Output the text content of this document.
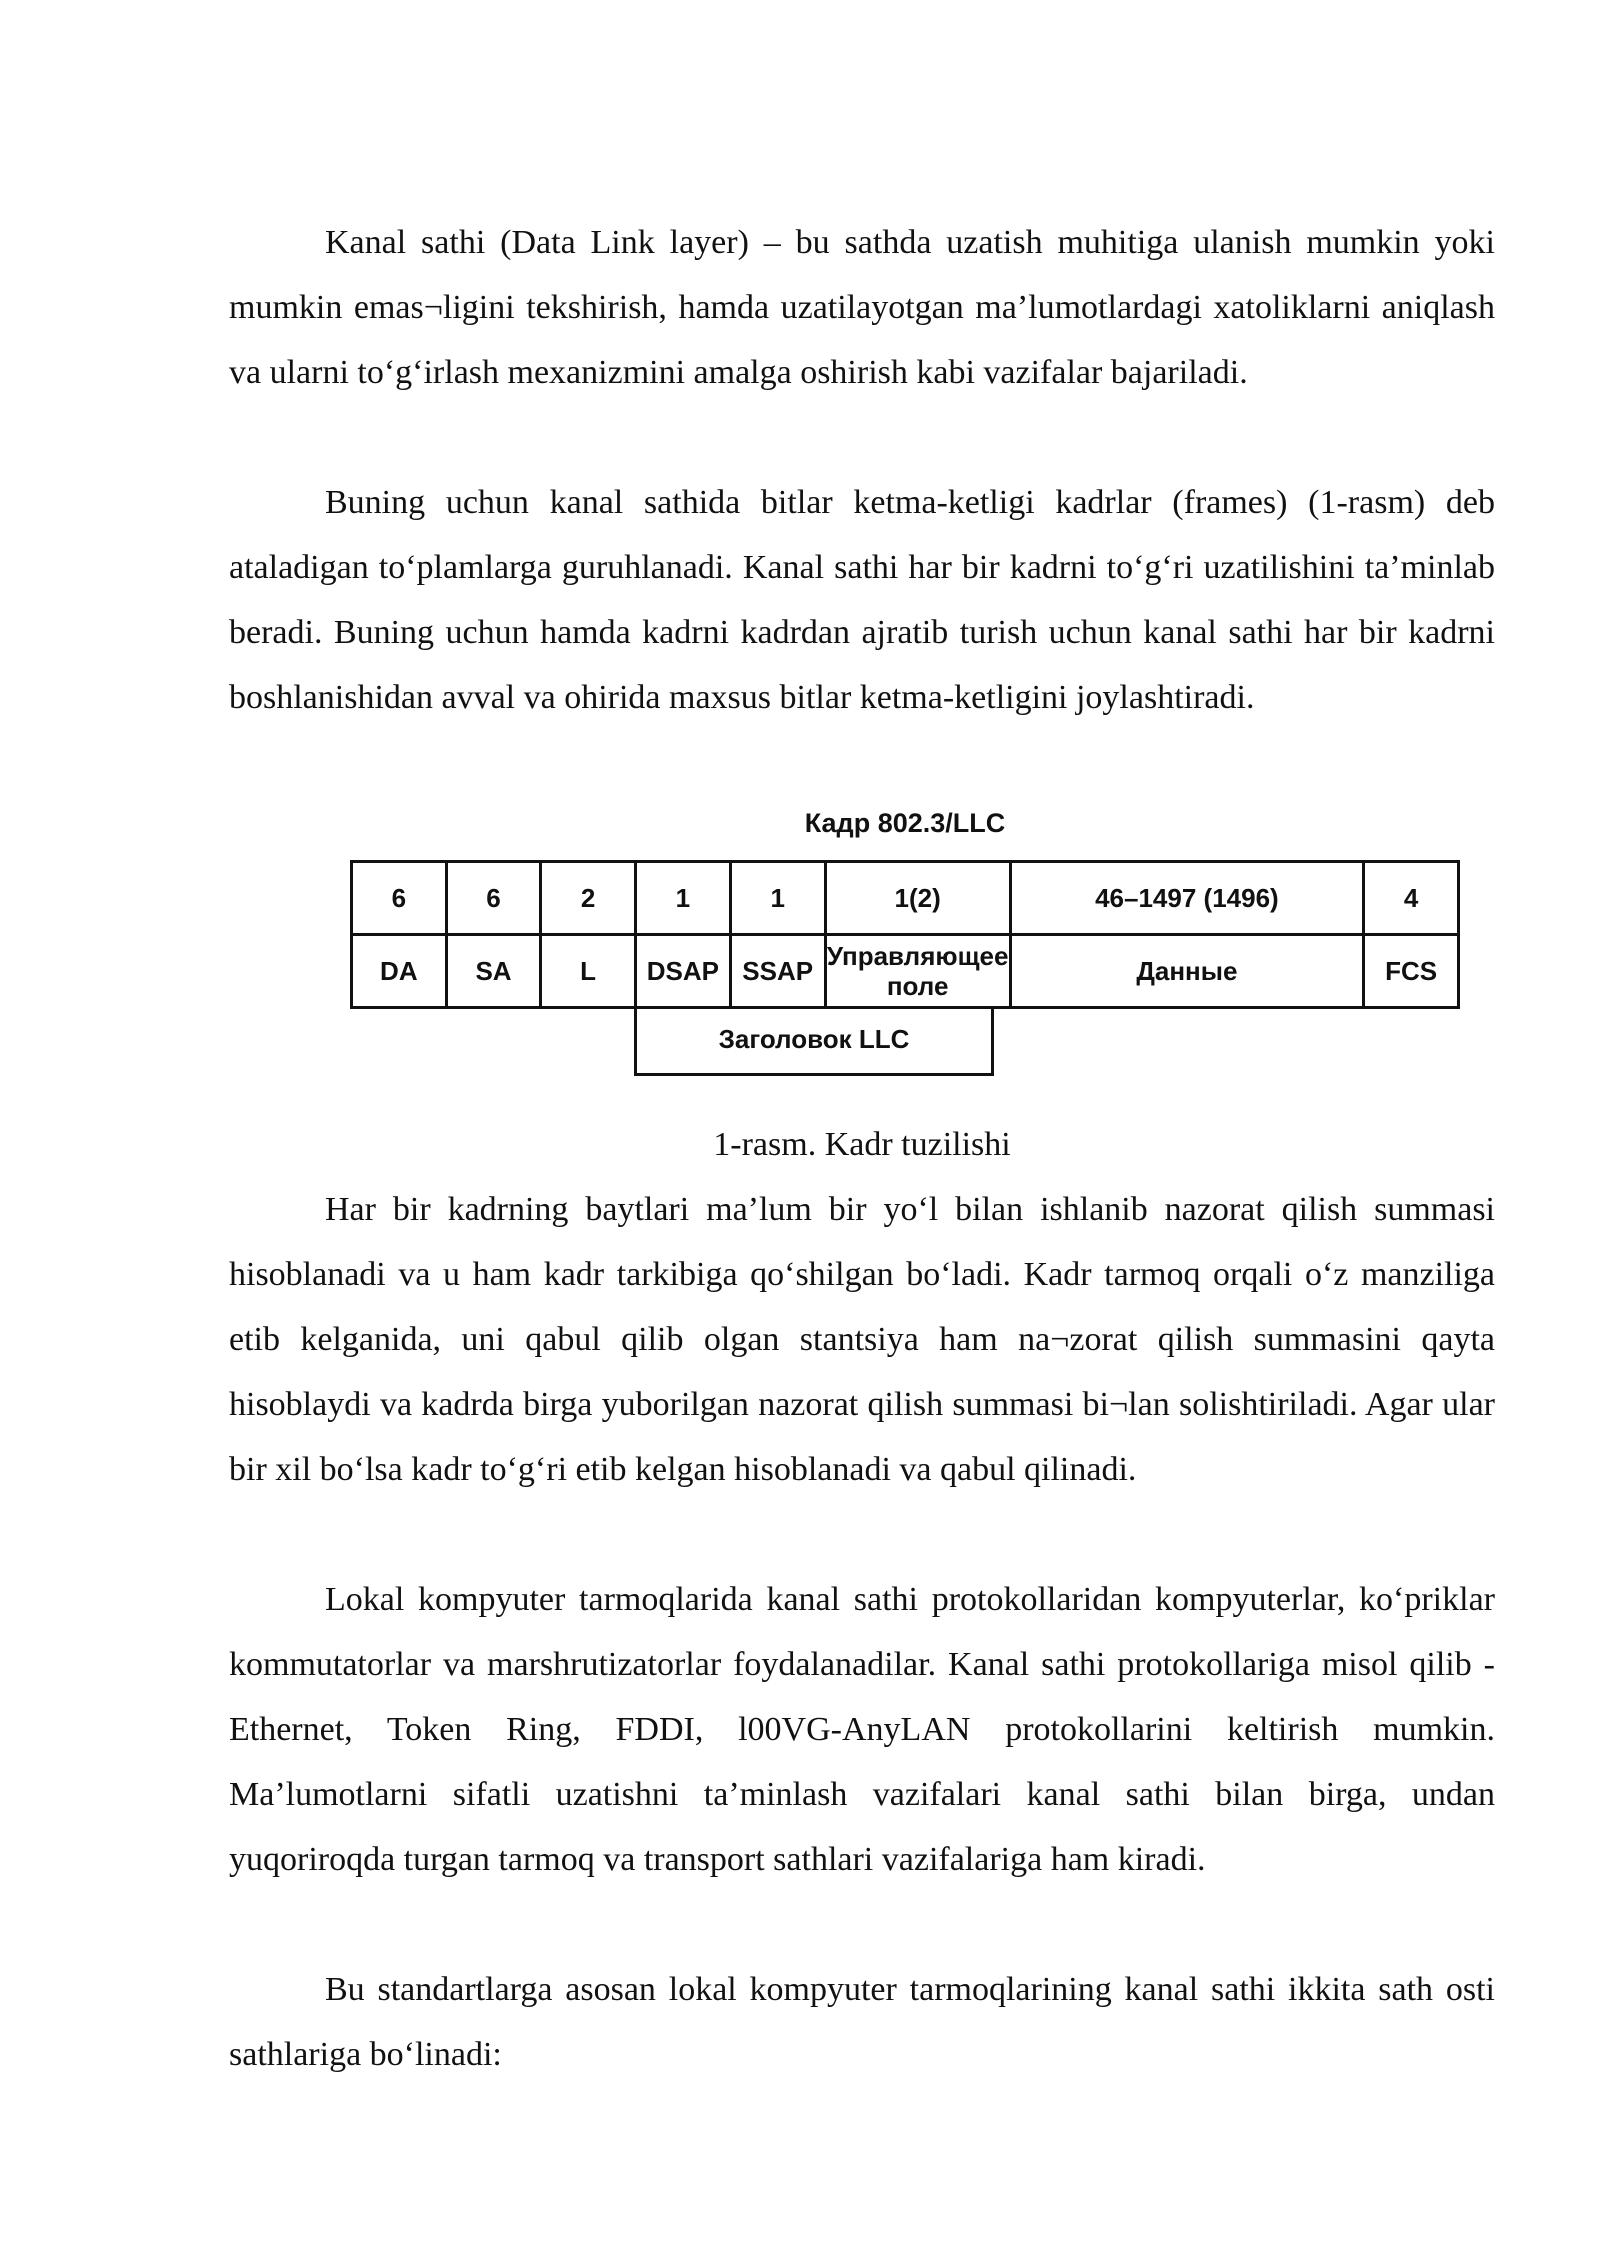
Kanal sathi (Data Link layer) – bu sathda uzatish muhitiga ulanish mumkin yoki mumkin emas¬ligini tekshirish, hamda uzatilayotgan ma’lumotlardagi xatoliklarni aniqlash va ularni to‘g‘irlash mexanizmini amalga oshirish kabi vazifalar bajariladi.

Buning uchun kanal sathida bitlar ketma-ketligi kadrlar (frames) (1-rasm) deb ataladigan to‘plamlarga guruhlanadi. Kanal sathi har bir kadrni to‘g‘ri uzatilishini ta’minlab beradi. Buning uchun hamda kadrni kadrdan ajratib turish uchun kanal sathi har bir kadrni boshlanishidan avval va ohirida maxsus bitlar ketma-ketligini joylashtiradi.

Кадр 802.3/LLC
6	6	2	1	1	1(2)	46–1497 (1496)	4
DA	SA	L	DSAP	SSAP	Управляющее поле	Данные	FCS
Заголовок LLC

1-rasm. Kadr tuzilishi

Har bir kadrning baytlari ma’lum bir yo‘l bilan ishlanib nazorat qilish summasi hisoblanadi va u ham kadr tarkibiga qo‘shilgan bo‘ladi. Kadr tarmoq orqali o‘z manziliga etib kelganida, uni qabul qilib olgan stantsiya ham na¬zorat qilish summasini qayta hisoblaydi va kadrda birga yuborilgan nazorat qilish summasi bi¬lan solishtiriladi. Agar ular bir xil bo‘lsa kadr to‘g‘ri etib kelgan hisoblanadi va qabul qilinadi.

Lokal kompyuter tarmoqlarida kanal sathi protokollaridan kompyuterlar, ko‘priklar kommutatorlar va marshrutizatorlar foydalanadilar. Kanal sathi protokollariga misol qilib - Ethernet, Token Ring, FDDI, l00VG-AnyLAN protokollarini keltirish mumkin. Ma’lumotlarni sifatli uzatishni ta’minlash vazifalari kanal sathi bilan birga, undan yuqoriroqda turgan tarmoq va transport sathlari vazifalariga ham kiradi.

Bu standartlarga asosan lokal kompyuter tarmoqlarining kanal sathi ikkita sath osti sathlariga bo‘linadi:
